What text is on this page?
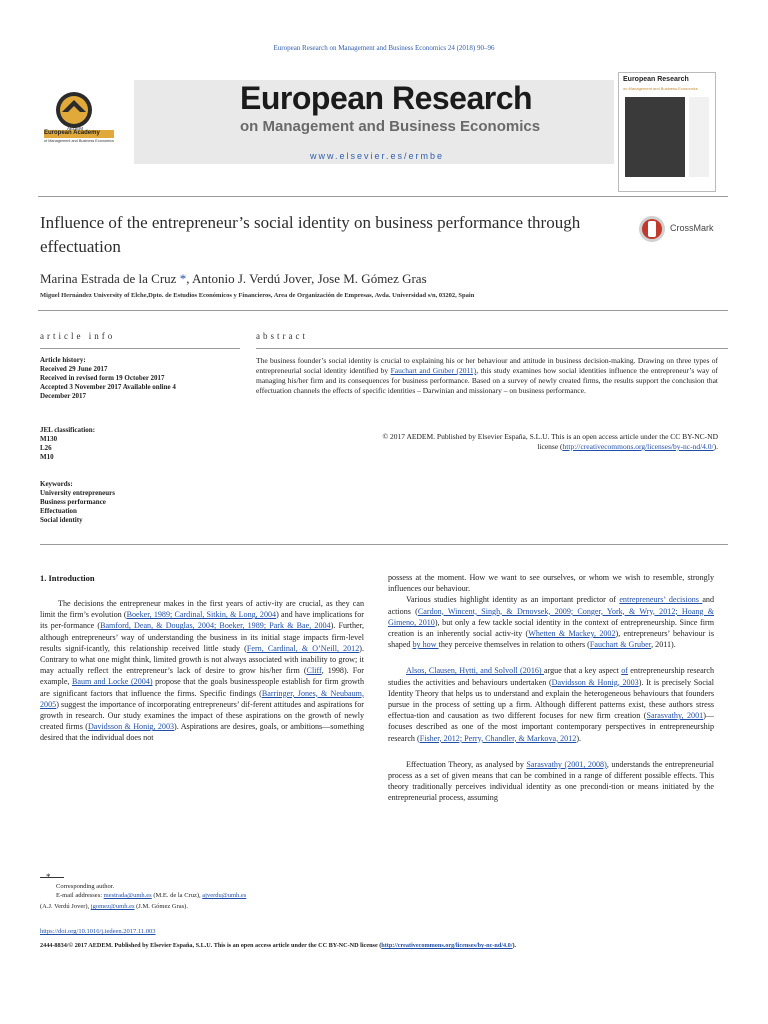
European Research on Management and Business Economics 24 (2018) 90–96
AEDEM
European Academy
of Management and Business Economics
European Research
on Management and Business Economics
www.elsevier.es/ermbe
European Research
on Management and Business Economics
Influence of the entrepreneur’s social identity on business performance through effectuation
CrossMark
Marina Estrada de la Cruz *, Antonio J. Verdú Jover, Jose M. Gómez Gras
Miguel Hernández University of Elche,Dpto. de Estudios Económicos y Financieros, Area de Organización de Empresas, Avda. Universidad s/n, 03202, Spain
article info
Article history:
Received 29 June 2017
Received in revised form 19 October 2017
Accepted 3 November 2017 Available online 4
December 2017
JEL classification:
M130
L26
M10
Keywords:
University entrepreneurs
Business performance
Effectuation
Social identity
abstract
The business founder’s social identity is crucial to explaining his or her behaviour and attitude in business decision-making. Drawing on three types of entrepreneurial social identity identified by Fauchart and Gruber (2011), this study examines how social identities influence the entrepreneur’s way of managing his/her firm and its consequences for business performance. Based on a survey of newly created firms, the results support the conclusion that effectuation channels the effects of specific identities – Darwinian and missionary – on business performance.
© 2017 AEDEM. Published by Elsevier España, S.L.U. This is an open access article under the CC BY-NC-ND
license (http://creativecommons.org/licenses/by-nc-nd/4.0/).
1. Introduction

The decisions the entrepreneur makes in the first years of activ-ity are crucial, as they can limit the firm’s evolution (Boeker, 1989; Cardinal, Sitkin, & Long, 2004) and have implications for its per-formance (Bamford, Dean, & Douglas, 2004; Boeker, 1989; Park & Bae, 2004). Further, although entrepreneurs’ way of understanding the business in its initial stage impacts firm-level results signif-icantly, this relationship received little study (Fern, Cardinal, & O’Neill, 2012). Contrary to what one might think, limited growth is not always associated with inability to grow; it may actually reflect the entrepreneur’s lack of desire to grow his/her firm (Cliff, 1998). For example, Baum and Locke (2004) propose that the goals businesspeople establish for firm growth are significant factors that influence the firms. Specific findings (Barringer, Jones, & Neubaum, 2005) suggest the importance of incorporating entrepreneurs’ dif-ferent attitudes and aspirations for growth in research. Our study examines the impact of these aspirations on the growth of newly created firms (Davidsson & Honig, 2003). Aspirations are desires, goals, or ambitions—something desired that the individual does not

possess at the moment. How we want to see ourselves, or whom we wish to resemble, strongly influences our behaviour.

Various studies highlight identity as an important predictor of entrepreneurs’ decisions and actions (Cardon, Wincent, Singh, & Drnovsek, 2009; Conger, York, & Wry, 2012; Hoang & Gimeno, 2010), but only a few tackle social identity in the context of entrepreneurship. Since firm creation is an inherently social activ-ity (Whetten & Mackey, 2002), entrepreneurs’ behaviour is shaped by how they perceive themselves in relation to others (Fauchart & Gruber, 2011).

Alsos, Clausen, Hytti, and Solvoll (2016) argue that a key aspect of entrepreneurship research studies the activities and behaviours undertaken (Davidsson & Honig, 2003). It is precisely Social Identity Theory that helps us to understand and explain the heterogeneous behaviours that founders pursue in the process of setting up a firm. Although different patterns exist, these authors stress effectua-tion and causation as two different focuses for new firm creation (Sarasvathy, 2001)—focuses described as one of the most important contemporary perspectives in entrepreneurship research (Fisher, 2012; Perry, Chandler, & Markova, 2012).

Effectuation Theory, as analysed by Sarasvathy (2001, 2008), understands the entrepreneurial process as a set of given means that can be combined in a range of different possible effects. This theory traditionally perceives individual identity as one precondi-tion or means initiated by the entrepreneurial process, assuming

*
Corresponding author.
E-mail addresses: mestrada@umh.es (M.E. de la Cruz), ajverdu@umh.es
(A.J. Verdú Jover), jgomez@umh.es (J.M. Gómez Gras).
https://doi.org/10.1016/j.iedeen.2017.11.003
2444-8834/© 2017 AEDEM. Published by Elsevier España, S.L.U. This is an open access article under the CC BY-NC-ND license (http://creativecommons.org/licenses/by-nc-nd/4.0/).
